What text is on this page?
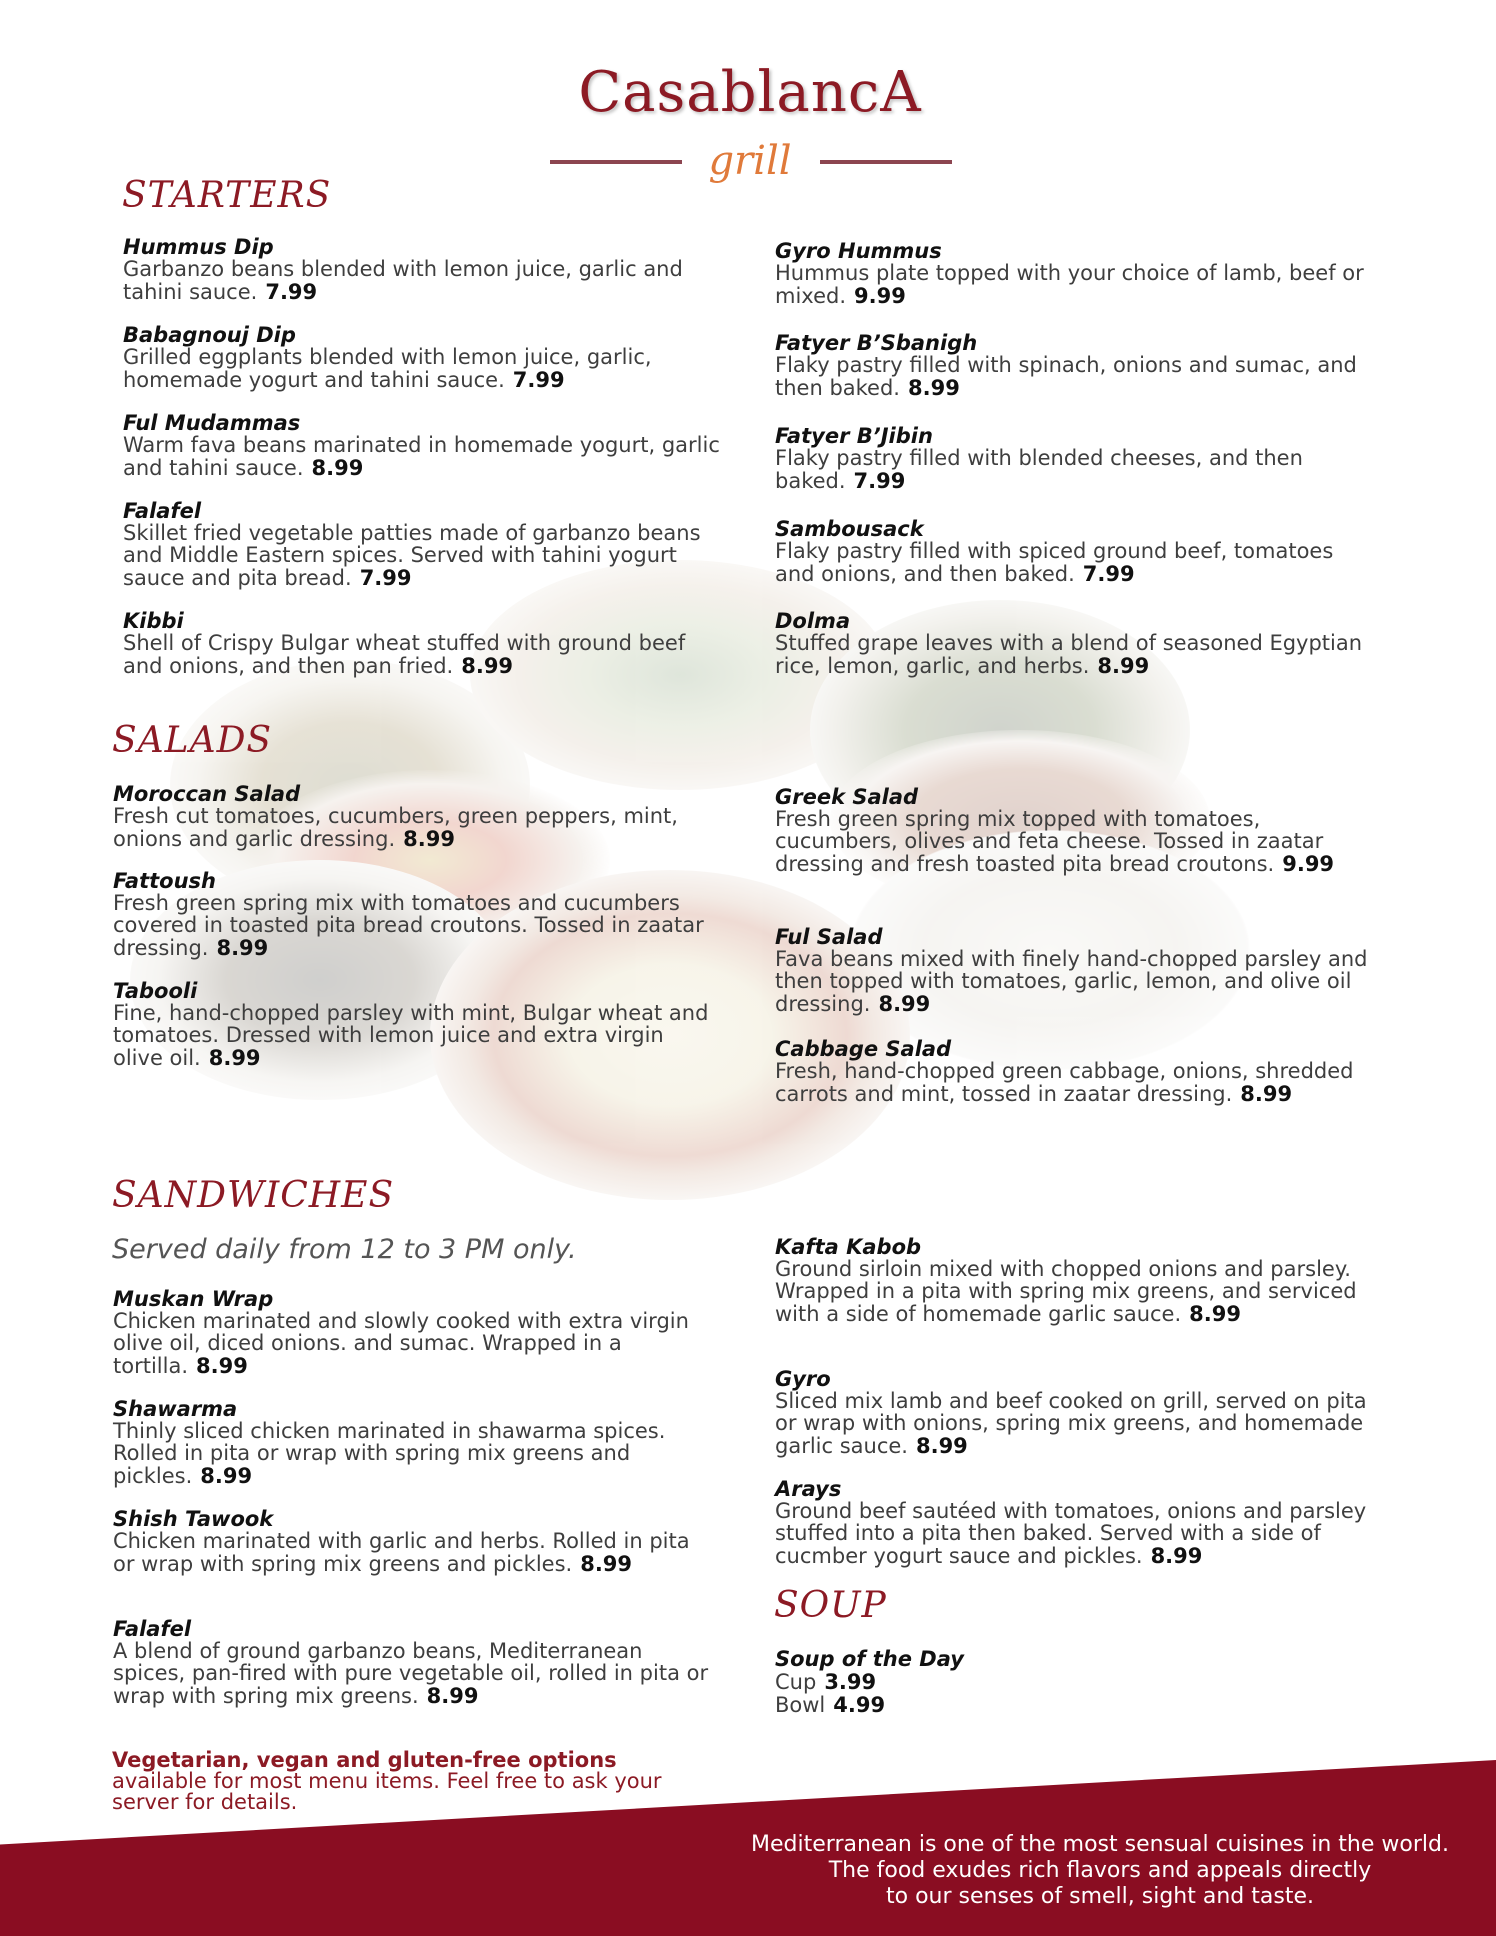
CasablancA
grill
STARTERS
SALADS
SANDWICHES

Served daily from 12 to 3 PM only.

SOUP
Hummus Dip
Garbanzo beans blended with lemon juice, garlic and tahini sauce. 7.99
Babagnouj Dip
Grilled eggplants blended with lemon juice, garlic, homemade yogurt and tahini sauce. 7.99
Ful Mudammas
Warm fava beans marinated in homemade yogurt, garlic and tahini sauce. 8.99
Falafel
Skillet fried vegetable patties made of garbanzo beans and Middle Eastern spices. Served with tahini yogurt sauce and pita bread. 7.99
Kibbi
Shell of Crispy Bulgar wheat stuffed with ground beef and onions, and then pan fried. 8.99
Gyro Hummus
Hummus plate topped with your choice of lamb, beef or mixed. 9.99
Fatyer B’Sbanigh
Flaky pastry filled with spinach, onions and sumac, and then baked. 8.99
Fatyer B’Jibin
Flaky pastry filled with blended cheeses, and then baked. 7.99
Sambousack
Flaky pastry filled with spiced ground beef, tomatoes and onions, and then baked. 7.99
Dolma
Stuffed grape leaves with a blend of seasoned Egyptian rice, lemon, garlic, and herbs. 8.99
Moroccan Salad
Fresh cut tomatoes, cucumbers, green peppers, mint, onions and garlic dressing. 8.99
Fattoush
Fresh green spring mix with tomatoes and cucumbers covered in toasted pita bread croutons. Tossed in zaatar dressing. 8.99
Tabooli
Fine, hand-chopped parsley with mint, Bulgar wheat and tomatoes. Dressed with lemon juice and extra virgin olive oil. 8.99
Greek Salad
Fresh green spring mix topped with tomatoes, cucumbers, olives and feta cheese. Tossed in zaatar dressing and fresh toasted pita bread croutons. 9.99
Ful Salad
Fava beans mixed with finely hand-chopped parsley and then topped with tomatoes, garlic, lemon, and olive oil dressing. 8.99
Cabbage Salad
Fresh, hand-chopped green cabbage, onions, shredded carrots and mint, tossed in zaatar dressing. 8.99
Muskan Wrap
Chicken marinated and slowly cooked with extra virgin olive oil, diced onions. and sumac. Wrapped in a tortilla. 8.99
Shawarma
Thinly sliced chicken marinated in shawarma spices. Rolled in pita or wrap with spring mix greens and pickles. 8.99
Shish Tawook
Chicken marinated with garlic and herbs. Rolled in pita or wrap with spring mix greens and pickles. 8.99
Falafel
A blend of ground garbanzo beans, Mediterranean spices, pan-fired with pure vegetable oil, rolled in pita or wrap with spring mix greens. 8.99
Kafta Kabob
Ground sirloin mixed with chopped onions and parsley. Wrapped in a pita with spring mix greens, and serviced with a side of homemade garlic sauce. 8.99
Gyro
Sliced mix lamb and beef cooked on grill, served on pita or wrap with onions, spring mix greens, and homemade garlic sauce. 8.99
Arays
Ground beef sautéed with tomatoes, onions and parsley stuffed into a pita then baked. Served with a side of cucmber yogurt sauce and pickles. 8.99
Soup of the Day
Cup 3.99
Bowl 4.99
Vegetarian, vegan and gluten-free options available for most menu items. Feel free to ask your server for details.
Mediterranean is one of the most sensual cuisines in the world.
The food exudes rich flavors and appeals directly
to our senses of smell, sight and taste.
